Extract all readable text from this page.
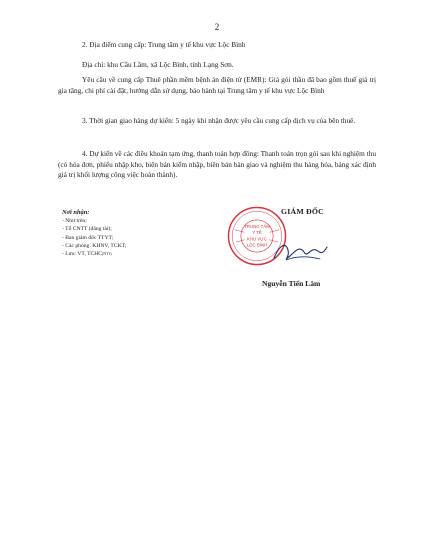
2
2. Địa điểm cung cấp: Trung tâm y tế khu vực Lộc Bình
Địa chỉ: khu Cầu Lầm, xã Lộc Bình, tỉnh Lạng Sơn.
Yêu cầu về cung cấp Thuê phần mềm bệnh án điện tử (EMR): Giá gói thầu đã bao gồm thuế giá trị gia tăng, chi phí cài đặt, hướng dẫn sử dụng, bảo hành tại Trung tâm y tế khu vực Lộc Bình
3. Thời gian giao hàng dự kiến: 5 ngày khi nhận được yêu cầu cung cấp dịch vụ của bên thuê.
4. Dự kiến về các điều khoản tạm ứng, thanh toán hợp đồng: Thanh toán trọn gói sau khi nghiệm thu (có hóa đơn, phiếu nhập kho, biên bản kiểm nhập, biên bản bàn giao và nghiệm thu hàng hóa, bảng xác định giá trị khối lượng công việc hoàn thành).
Nơi nhận:
- Như trên;
- Tổ CNTT (đăng tải);
- Ban giám đốc TTYT;
- Các phòng: KHNV, TCKT;
- Lưu: VT, TCHC(NT1).
TRUNG TÂM
Y TẾ
KHU VỰC
LỘC BÌNH
GIÁM ĐỐC
Nguyễn Tiến Lâm
